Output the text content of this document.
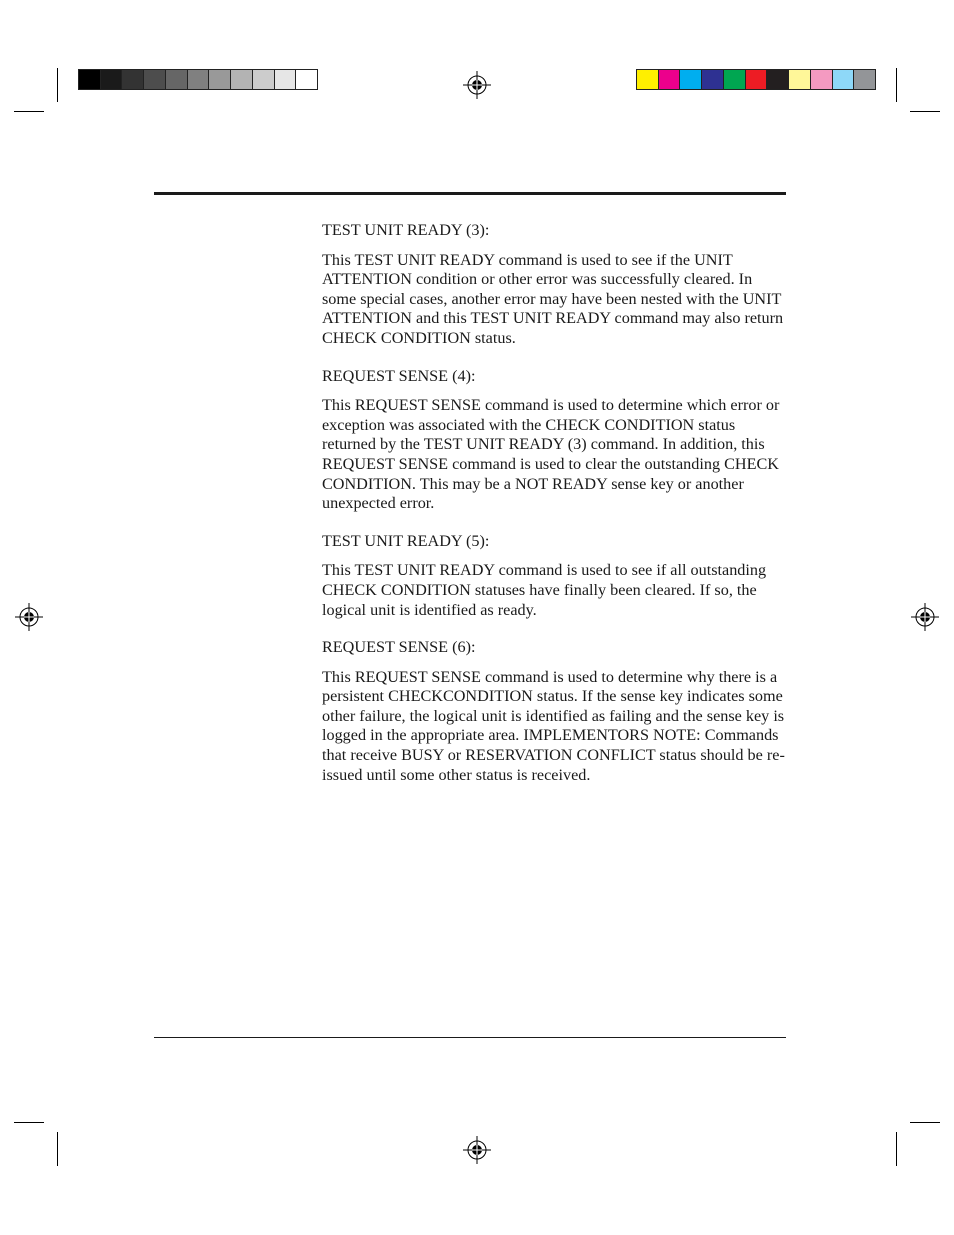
TEST UNIT READY (3):

This TEST UNIT READY command is used to see if the UNIT ATTENTION condition or other error was successfully cleared. In some special cases, another error may have been nested with the UNIT ATTENTION and this TEST UNIT READY command may also return CHECK CONDITION status.

REQUEST SENSE (4):

This REQUEST SENSE command is used to determine which error or exception was associated with the CHECK CONDITION status returned by the TEST UNIT READY (3) command. In addition, this REQUEST SENSE command is used to clear the outstanding CHECK CONDITION. This may be a NOT READY sense key or another unexpected error.

TEST UNIT READY (5):

This TEST UNIT READY command is used to see if all outstanding CHECK CONDITION statuses have finally been cleared. If so, the logical unit is identified as ready.

REQUEST SENSE (6):

This REQUEST SENSE command is used to determine why there is a persistent CHECKCONDITION status. If the sense key indicates some other failure, the logical unit is identified as failing and the sense key is logged in the appropriate area. IMPLEMENTORS NOTE: Commands that receive BUSY or RESERVATION CONFLICT status should be re-issued until some other status is received.
